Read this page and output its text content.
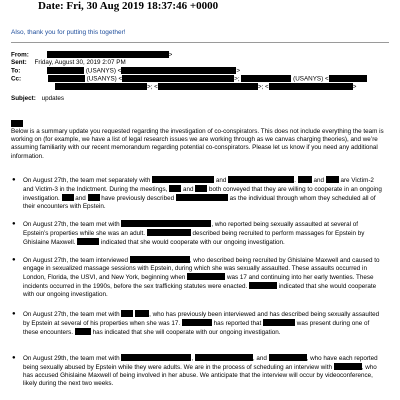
Date: Fri, 30 Aug 2019 18:37:46 +0000
Also, thank you for putting this together!
From:	>
Sent: Friday, August 30, 2019 2:07 PM
To:	(USANYS) <	>
Cc:	(USANYS) <	>;	(USANYS) <
>; <	>; <	>
Subject: updates
Below is a summary update you requested regarding the investigation of co-conspirators. This does not include everything the team is working on (for example, we have a list of legal research issues we are working through as we canvas charging theories), and we’re assuming familiarity with our recent memorandum regarding potential co-conspirators. Please let us know if you need any additional information.
● On August 27th, the team met separately with	and	.	and	are Victim-2 and Victim-3 in the Indictment. During the meetings, and both conveyed that they are willing to cooperate in an ongoing investigation. and have previously described	as the individual through whom they scheduled all of their encounters with Epstein.
● On August 27th, the team met with	, who reported being sexually assaulted at several of Epstein’s properties while she was an adult.	described being recruited to perform massages for Epstein by Ghislaine Maxwell.	indicated that she would cooperate with our ongoing investigation.
● On August 27th, the team interviewed	, who described being recruited by Ghislaine Maxwell and caused to engage in sexualized massage sessions with Epstein, during which she was sexually assaulted. These assaults occurred in London, Florida, the USVI, and New York, beginning when	was 17 and continuing into her early twenties. These incidents occurred in the 1990s, before the sex trafficking statutes were enacted.	indicated that she would cooperate with our ongoing investigation.
● On August 27th, the team met with	, who has previously been interviewed and has described being sexually assaulted by Epstein at several of his properties when she was 17.	has reported that	was present during one of these encounters.	has indicated that she will cooperate with our ongoing investigation.
● On August 29th, the team met with	,	, and	, who have each reported being sexually abused by Epstein while they were adults. We are in the process of scheduling an interview with	, who has accused Ghislaine Maxwell of being involved in her abuse. We anticipate that the interview will occur by videoconference, likely during the next two weeks.
